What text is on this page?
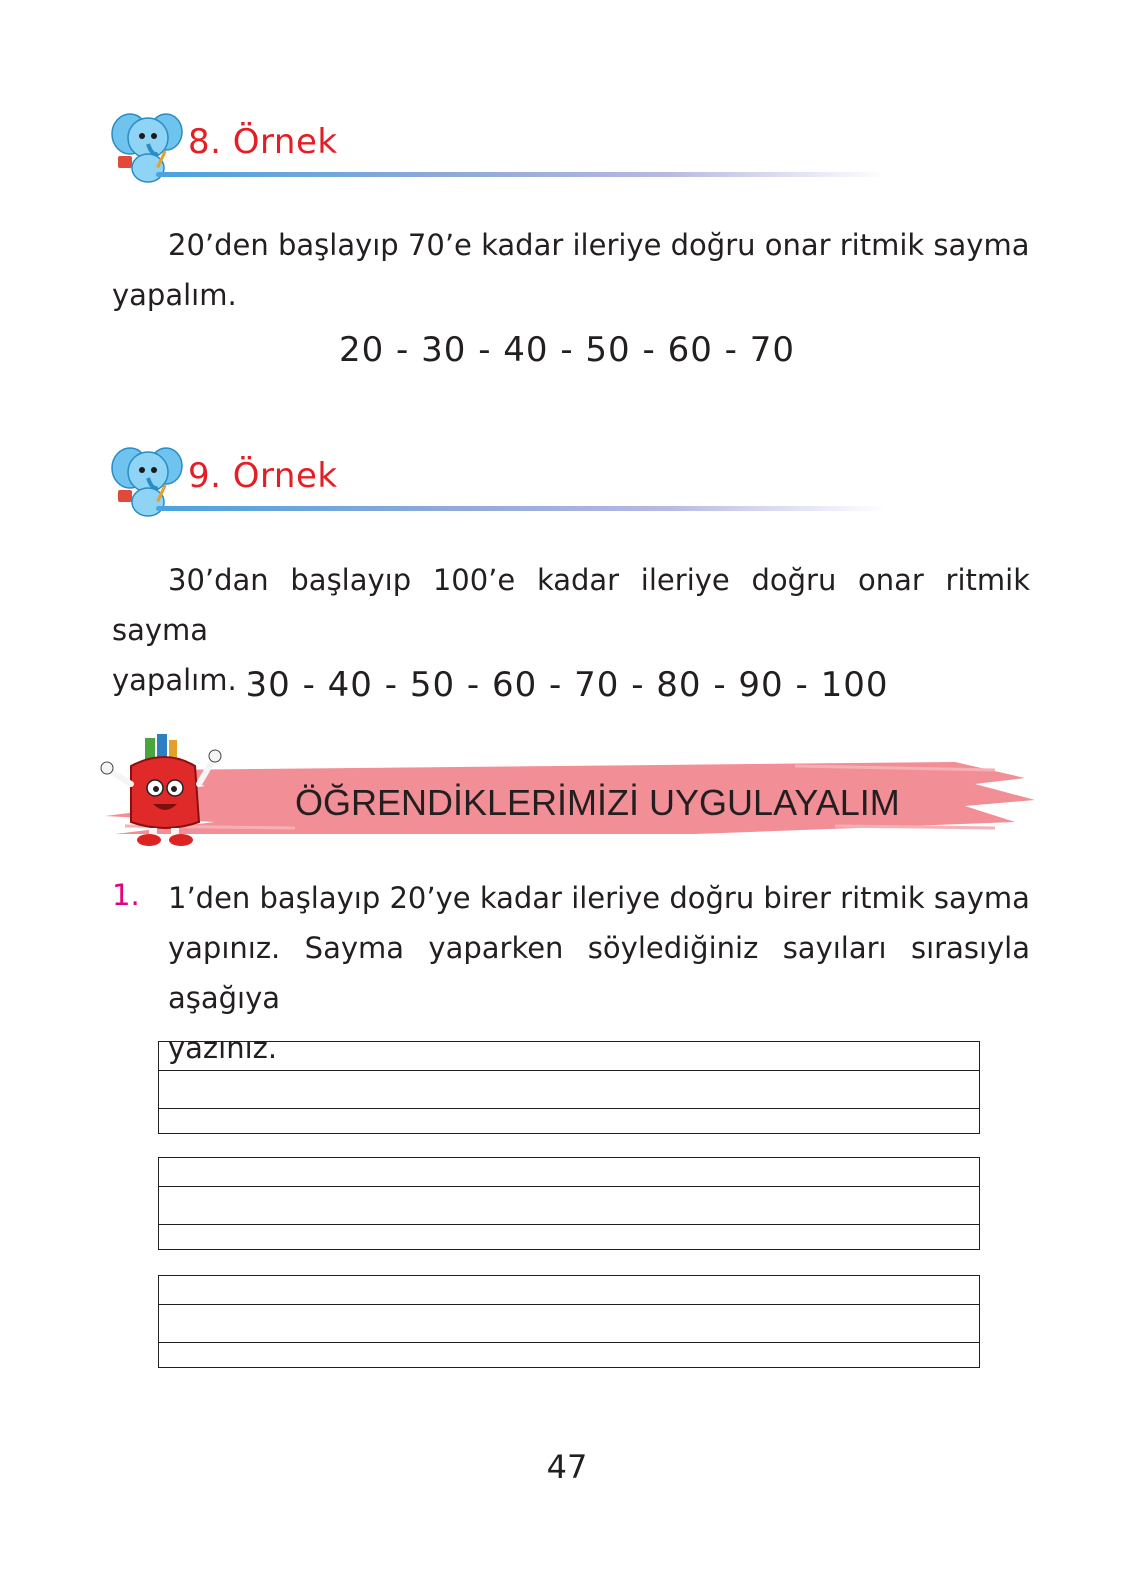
8. Örnek
20’den başlayıp 70’e kadar ileriye doğru onar ritmik sayma
yapalım.
20 - 30 - 40 - 50 - 60 - 70
9. Örnek
30’dan başlayıp 100’e kadar ileriye doğru onar ritmik sayma
yapalım. 30 - 40 - 50 - 60 - 70 - 80 - 90 - 100
ÖĞRENDİKLERİMİZİ UYGULAYALIM
1. 1’den başlayıp 20’ye kadar ileriye doğru birer ritmik sayma
yapınız. Sayma yaparken söylediğiniz sayıları sırasıyla aşağıya
yazınız.
47
